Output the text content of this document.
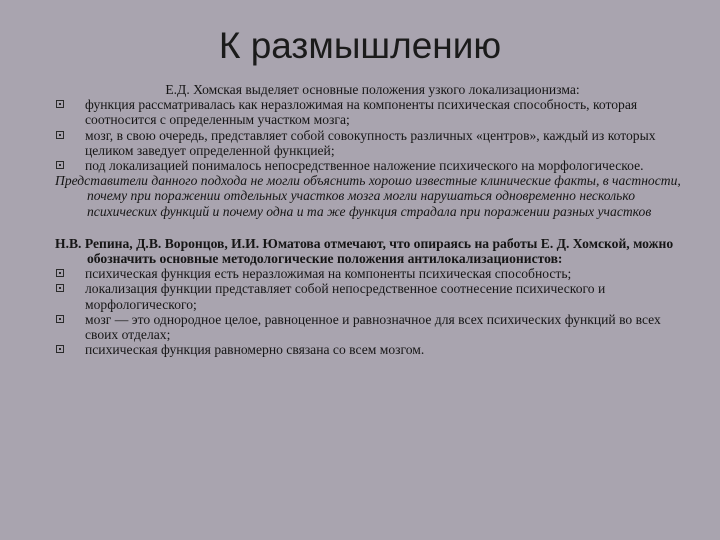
К размышлению

Е.Д. Хомская выделяет основные положения узкого локализационизма:

функция рассматривалась как неразложимая на компоненты психическая способность, которая соотносится с определенным участком мозга;
мозг, в свою очередь, представляет собой совокупность различных «центров», каждый из которых целиком заведует определенной функцией;
под локализацией понималось непосредственное наложение психического на морфологическое.

Представители данного подхода не могли объяснить хорошо известные клинические факты, в частности, почему при поражении отдельных участков мозга могли нарушаться одновременно несколько психических функций и почему одна и та же функция страдала при поражении разных участков

Н.В. Репина, Д.В. Воронцов, И.И. Юматова отмечают, что опираясь на работы Е. Д. Хомской, можно обозначить основные методологические положения антилокализационистов:

психическая функция есть неразложимая на компоненты психическая способность;
локализация функции представляет собой непосредственное соотнесение психического и морфологического;
мозг — это однородное целое, равноценное и равнозначное для всех психических функций во всех своих отделах;
психическая функция равномерно связана со всем мозгом.
